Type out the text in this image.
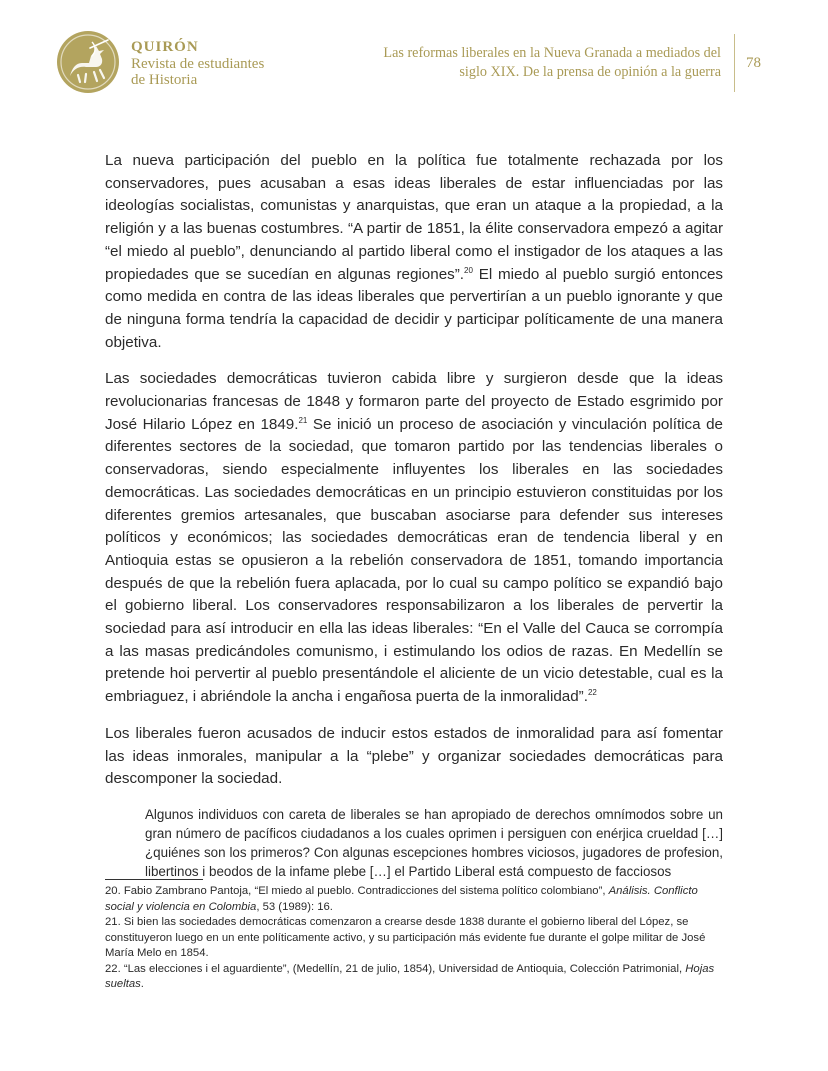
QUIRÓN
Revista de estudiantes
de Historia
Las reformas liberales en la Nueva Granada a mediados del
siglo XIX. De la prensa de opinión a la guerra
78

La nueva participación del pueblo en la política fue totalmente rechazada por los conservadores, pues acusaban a esas ideas liberales de estar influenciadas por las ideologías socialistas, comunistas y anarquistas, que eran un ataque a la propiedad, a la religión y a las buenas costumbres. “A partir de 1851, la élite conservadora empezó a agitar “el miedo al pueblo”, denunciando al partido liberal como el instigador de los ataques a las propiedades que se sucedían en algunas regiones”.$^{20}$ El miedo al pueblo surgió entonces como medida en contra de las ideas liberales que pervertirían a un pueblo ignorante y que de ninguna forma tendría la capacidad de decidir y participar políticamente de una manera objetiva.

Las sociedades democráticas tuvieron cabida libre y surgieron desde que la ideas revolucionarias francesas de 1848 y formaron parte del proyecto de Estado esgrimido por José Hilario López en 1849.21 Se inició un proceso de asociación y vinculación política de diferentes sectores de la sociedad, que tomaron partido por las tendencias liberales o conservadoras, siendo especialmente influyentes los liberales en las sociedades democráticas. Las sociedades democráticas en un principio estuvieron constituidas por los diferentes gremios artesanales, que buscaban asociarse para defender sus intereses políticos y económicos; las sociedades democráticas eran de tendencia liberal y en Antioquia estas se opusieron a la rebelión conservadora de 1851, tomando importancia después de que la rebelión fuera aplacada, por lo cual su campo político se expandió bajo el gobierno liberal. Los conservadores responsabilizaron a los liberales de pervertir la sociedad para así introducir en ella las ideas liberales: “En el Valle del Cauca se corrompía a las masas predicándoles comunismo, i estimulando los odios de razas. En Medellín se pretende hoi pervertir al pueblo presentándole el aliciente de un vicio detestable, cual es la embriaguez, i abriéndole la ancha i engañosa puerta de la inmoralidad”.$^{22}$

Los liberales fueron acusados de inducir estos estados de inmoralidad para así fomentar las ideas inmorales, manipular a la “plebe” y organizar sociedades democráticas para descomponer la sociedad.

Algunos individuos con careta de liberales se han apropiado de derechos omnímodos sobre un gran número de pacíficos ciudadanos a los cuales oprimen i persiguen con enérjica crueldad […] ¿quiénes son los primeros? Con algunas escepciones hombres viciosos, jugadores de profesion, libertinos i beodos de la infame plebe […] el Partido Liberal está compuesto de facciosos

20. Fabio Zambrano Pantoja, “El miedo al pueblo. Contradicciones del sistema político colombiano”, Análisis. Conflicto social y violencia en Colombia, 53 (1989): 16.

21. Si bien las sociedades democráticas comenzaron a crearse desde 1838 durante el gobierno liberal del López, se constituyeron luego en un ente políticamente activo, y su participación más evidente fue durante el golpe militar de José María Melo en 1854.

22. “Las elecciones i el aguardiente”, (Medellín, 21 de julio, 1854), Universidad de Antioquia, Colección Patrimonial, Hojas sueltas.
